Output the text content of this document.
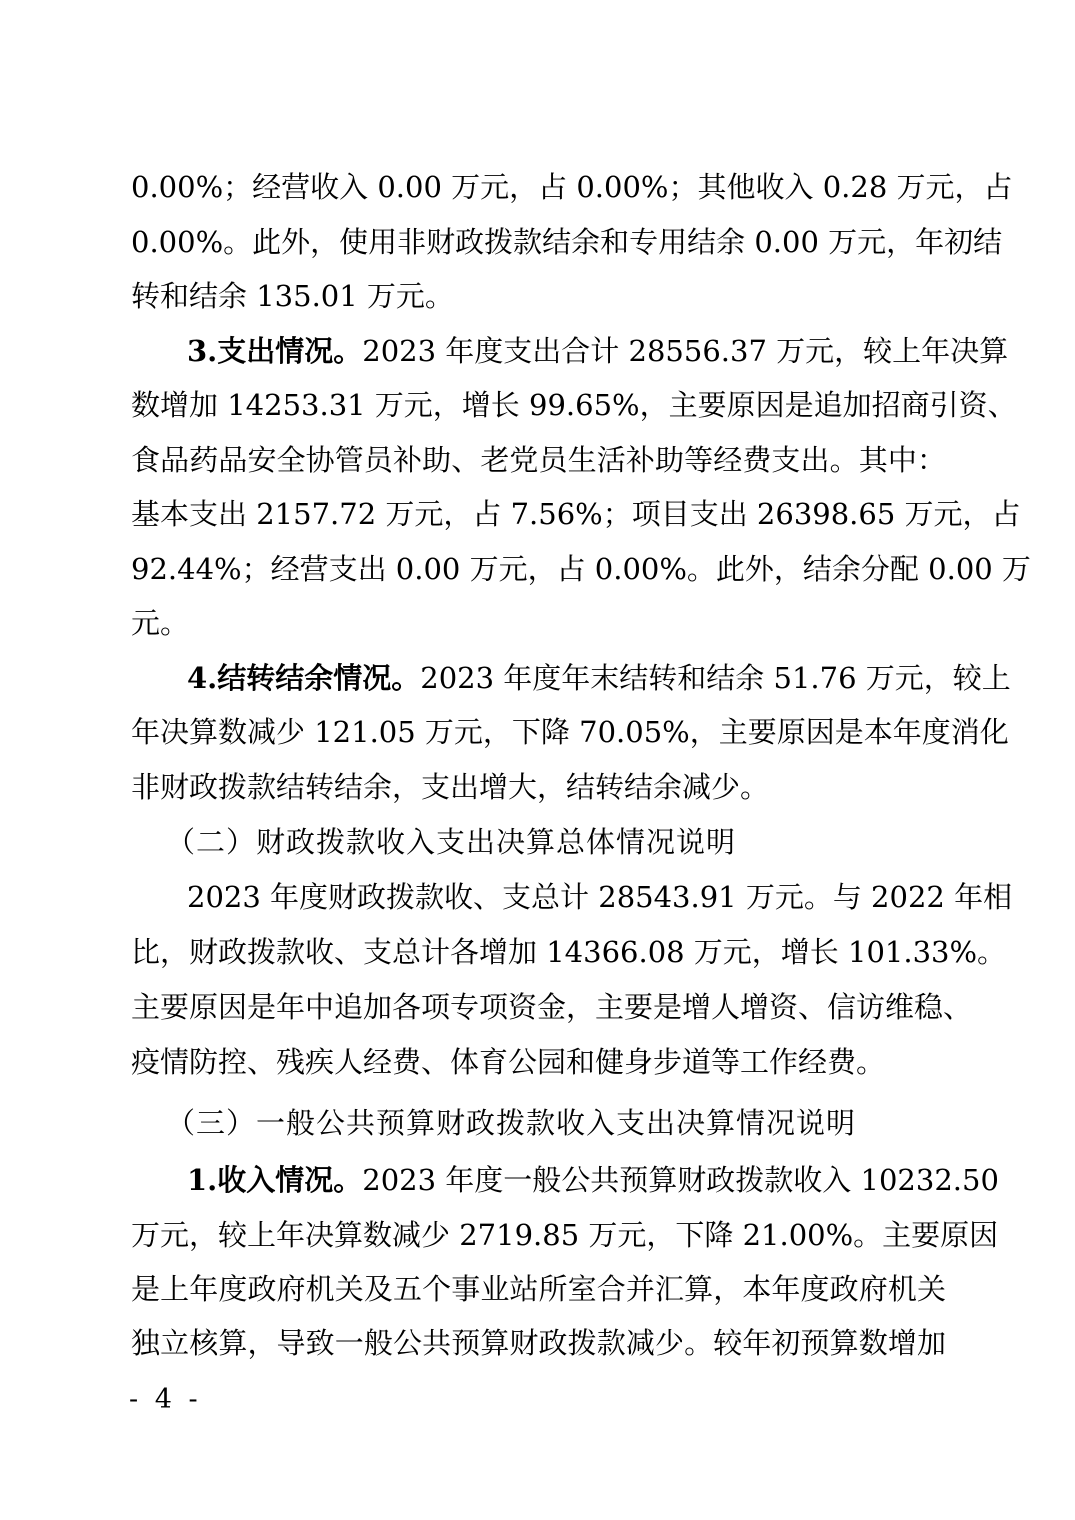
0.00%；经营收入 0.00 万元，占 0.00%；其他收入 0.28 万元，占
0.00%。此外，使用非财政拨款结余和专用结余 0.00 万元，年初结
转和结余 135.01 万元。
3.支出情况。2023 年度支出合计 28556.37 万元，较上年决算
数增加 14253.31 万元，增长 99.65%，主要原因是追加招商引资、
食品药品安全协管员补助、老党员生活补助等经费支出。其中：
基本支出 2157.72 万元，占 7.56%；项目支出 26398.65 万元，占
92.44%；经营支出 0.00 万元，占 0.00%。此外，结余分配 0.00 万
元。
4.结转结余情况。2023 年度年末结转和结余 51.76 万元，较上
年决算数减少 121.05 万元，下降 70.05%，主要原因是本年度消化
非财政拨款结转结余，支出增大，结转结余减少。
（二）财政拨款收入支出决算总体情况说明
2023 年度财政拨款收、支总计 28543.91 万元。与 2022 年相
比，财政拨款收、支总计各增加 14366.08 万元，增长 101.33%。
主要原因是年中追加各项专项资金，主要是增人增资、信访维稳、
疫情防控、残疾人经费、体育公园和健身步道等工作经费。
（三）一般公共预算财政拨款收入支出决算情况说明
1.收入情况。2023 年度一般公共预算财政拨款收入 10232.50
万元，较上年决算数减少 2719.85 万元，下降 21.00%。主要原因
是上年度政府机关及五个事业站所室合并汇算，本年度政府机关
独立核算，导致一般公共预算财政拨款减少。较年初预算数增加
- 4 -
